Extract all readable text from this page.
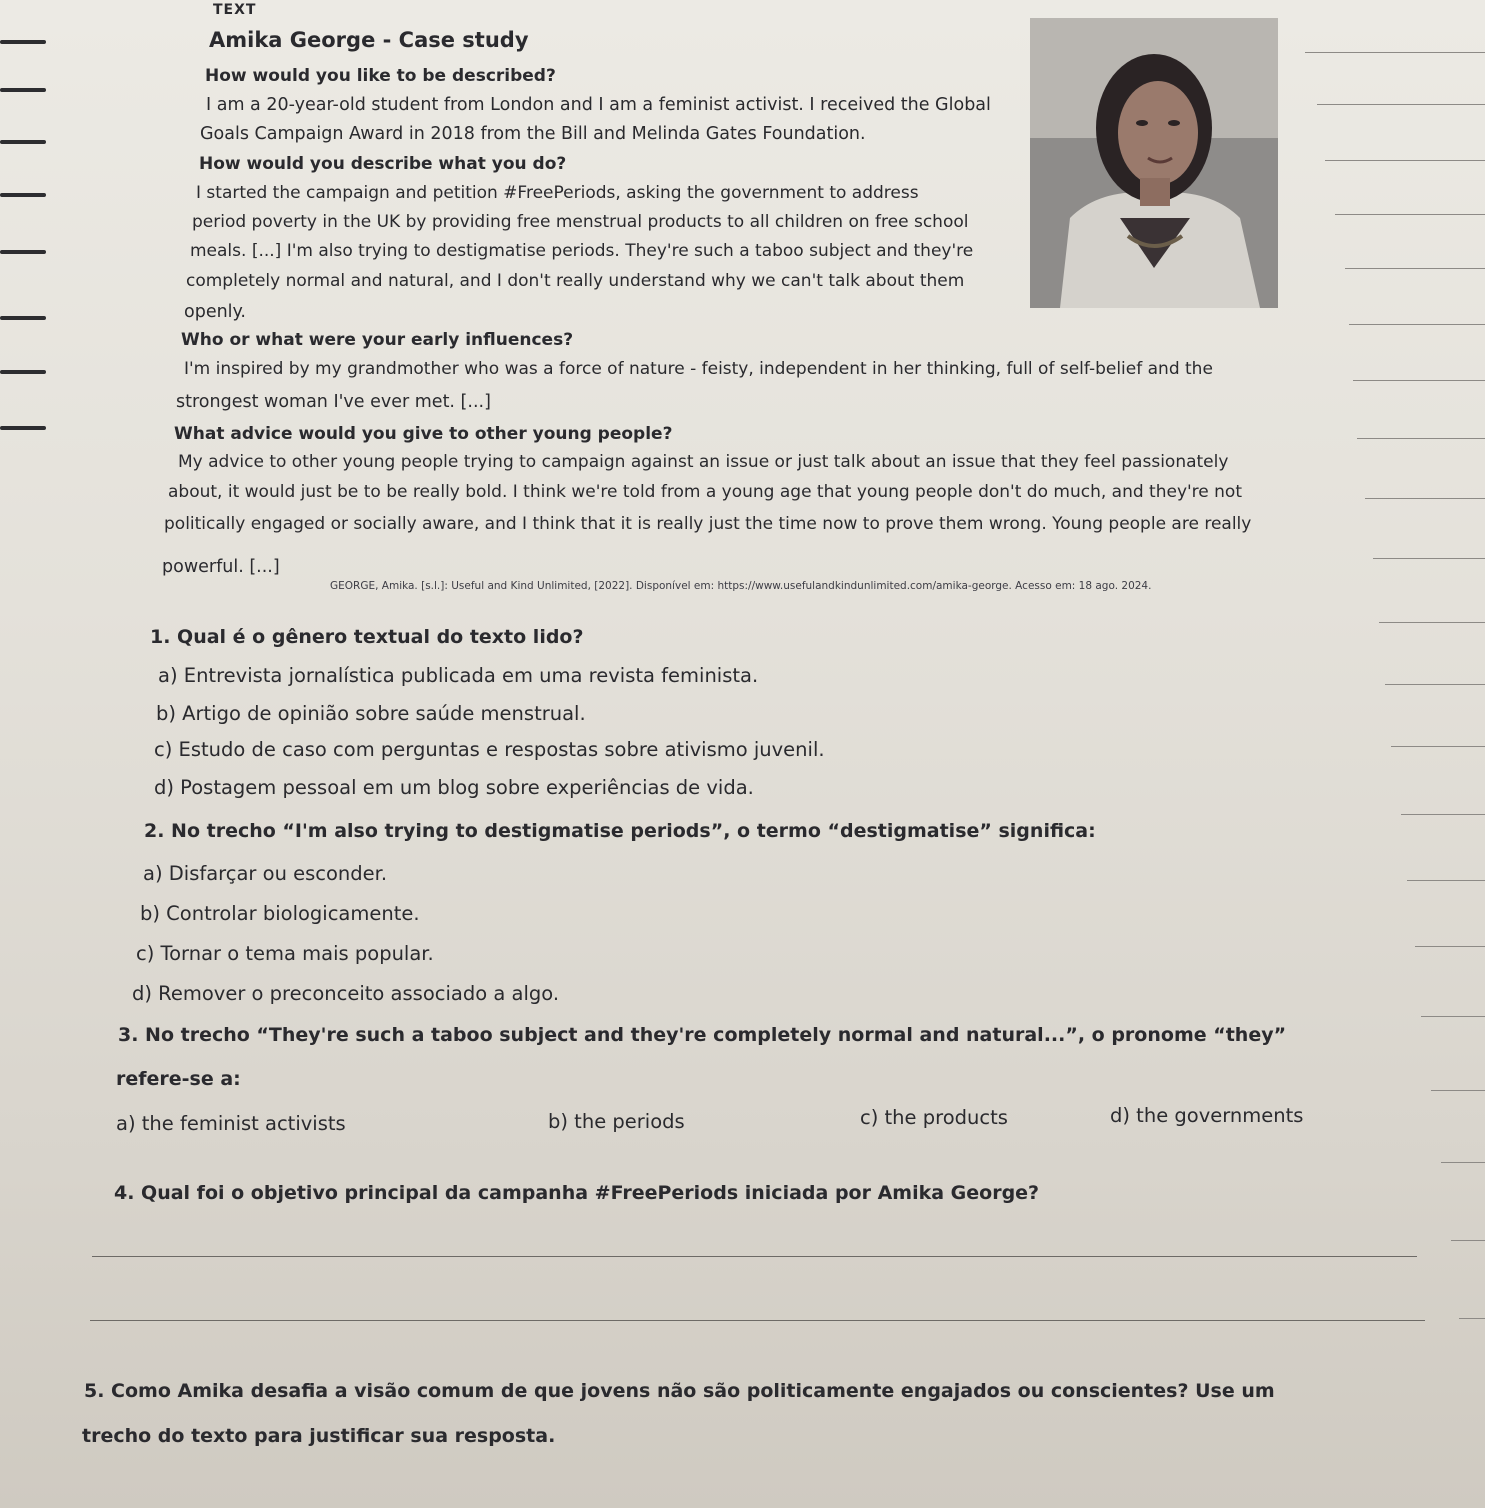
TEXT
Amika George - Case study
How would you like to be described?
I am a 20-year-old student from London and I am a feminist activist. I received the Global
Goals Campaign Award in 2018 from the Bill and Melinda Gates Foundation.
How would you describe what you do?
I started the campaign and petition #FreePeriods, asking the government to address
period poverty in the UK by providing free menstrual products to all children on free school
meals. [...] I'm also trying to destigmatise periods. They're such a taboo subject and they're
completely normal and natural, and I don't really understand why we can't talk about them
openly.
Who or what were your early influences?
I'm inspired by my grandmother who was a force of nature - feisty, independent in her thinking, full of self-belief and the
strongest woman I've ever met. [...]
What advice would you give to other young people?
My advice to other young people trying to campaign against an issue or just talk about an issue that they feel passionately
about, it would just be to be really bold. I think we're told from a young age that young people don't do much, and they're not
politically engaged or socially aware, and I think that it is really just the time now to prove them wrong. Young people are really
powerful. [...]
GEORGE, Amika. [s.l.]: Useful and Kind Unlimited, [2022]. Disponível em: https://www.usefulandkindunlimited.com/amika-george. Acesso em: 18 ago. 2024.
1. Qual é o gênero textual do texto lido?
a) Entrevista jornalística publicada em uma revista feminista.
b) Artigo de opinião sobre saúde menstrual.
c) Estudo de caso com perguntas e respostas sobre ativismo juvenil.
d) Postagem pessoal em um blog sobre experiências de vida.
2. No trecho “I'm also trying to destigmatise periods”, o termo “destigmatise” significa:
a) Disfarçar ou esconder.
b) Controlar biologicamente.
c) Tornar o tema mais popular.
d) Remover o preconceito associado a algo.
3. No trecho “They're such a taboo subject and they're completely normal and natural...”, o pronome “they”
refere-se a:
a) the feminist activists	b) the periods	c) the products	d) the governments
4. Qual foi o objetivo principal da campanha #FreePeriods iniciada por Amika George?
5. Como Amika desafia a visão comum de que jovens não são politicamente engajados ou conscientes? Use um
trecho do texto para justificar sua resposta.
